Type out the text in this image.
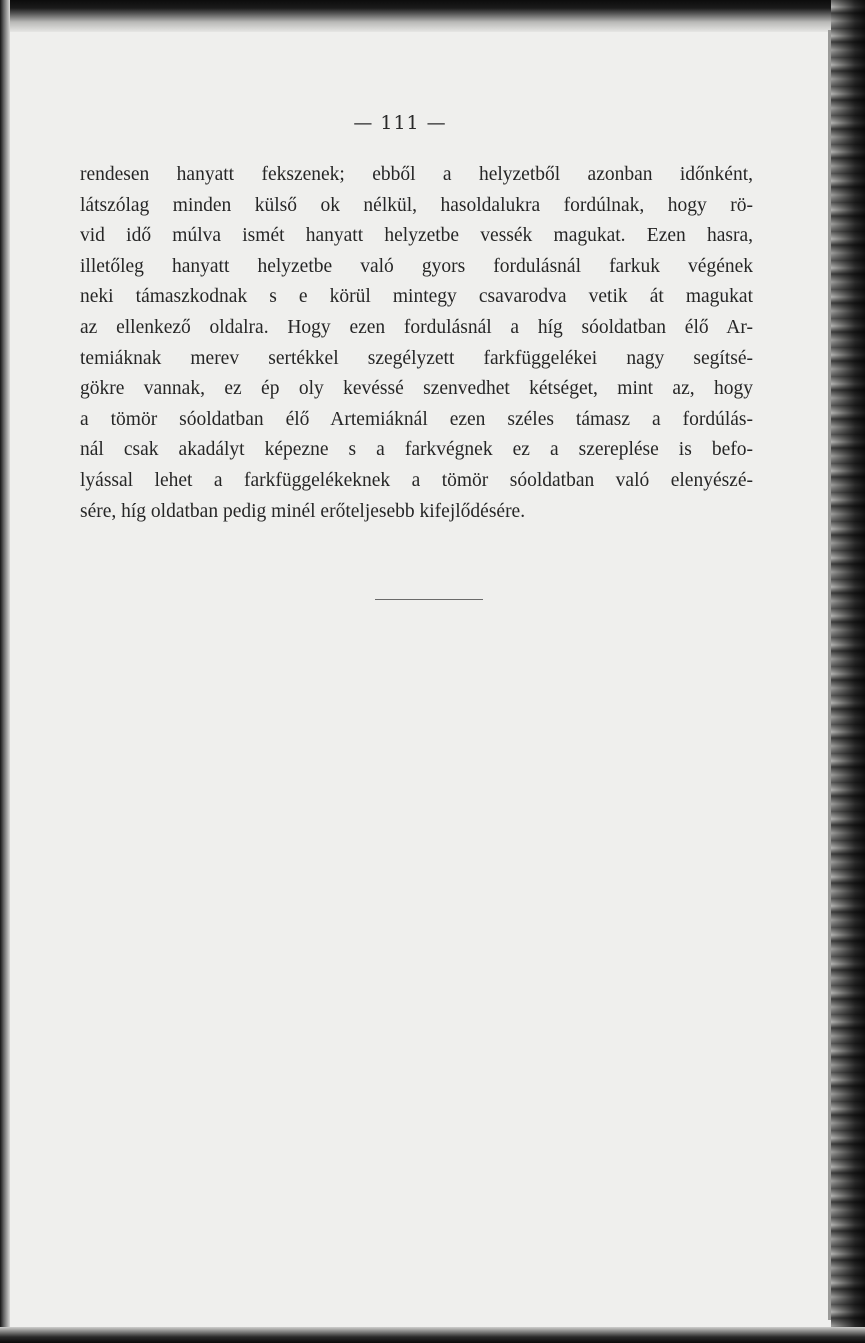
— 111 —
rendesen hanyatt fekszenek; ebből a helyzetből azonban időnként,
látszólag minden külső ok nélkül, hasoldalukra fordúlnak, hogy rö-
vid idő múlva ismét hanyatt helyzetbe vessék magukat. Ezen hasra,
illetőleg hanyatt helyzetbe való gyors fordulásnál farkuk végének
neki támaszkodnak s e körül mintegy csavarodva vetik át magukat
az ellenkező oldalra. Hogy ezen fordulásnál a híg sóoldatban élő Ar-
temiáknak merev sertékkel szegélyzett farkfüggelékei nagy segítsé-
gökre vannak, ez ép oly kevéssé szenvedhet kétséget, mint az, hogy
a tömör sóoldatban élő Artemiáknál ezen széles támasz a fordúlás-
nál csak akadályt képezne s a farkvégnek ez a szereplése is befo-
lyással lehet a farkfüggelékeknek a tömör sóoldatban való elenyészé-
sére, híg oldatban pedig minél erőteljesebb kifejlődésére.
